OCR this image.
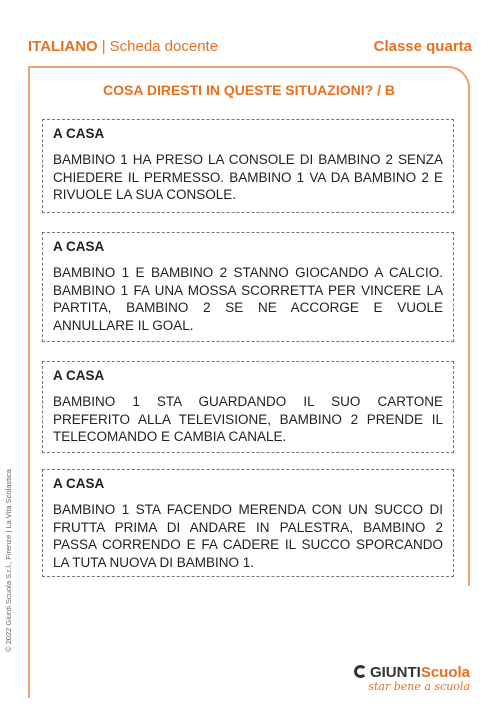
ITALIANO | Scheda docente	Classe quarta
COSA DIRESTI IN QUESTE SITUAZIONI? / B
A CASA
BAMBINO 1 HA PRESO LA CONSOLE DI BAMBINO 2 SENZA CHIEDERE IL PERMESSO. BAMBINO 1 VA DA BAMBINO 2 E RIVUOLE LA SUA CONSOLE.
A CASA
BAMBINO 1 E BAMBINO 2 STANNO GIOCANDO A CALCIO. BAMBINO 1 FA UNA MOSSA SCORRETTA PER VINCERE LA PARTITA, BAMBINO 2 SE NE ACCORGE E VUOLE ANNULLARE IL GOAL.
A CASA
BAMBINO 1 STA GUARDANDO IL SUO CARTONE PREFERITO ALLA TELEVISIONE, BAMBINO 2 PRENDE IL TELECOMANDO E CAMBIA CANALE.
A CASA
BAMBINO 1 STA FACENDO MERENDA CON UN SUCCO DI FRUTTA PRIMA DI ANDARE IN PALESTRA, BAMBINO 2 PASSA CORRENDO E FA CADERE IL SUCCO SPORCANDO LA TUTA NUOVA DI BAMBINO 1.
© 2022 Giunti Scuola S.r.l., Firenze | La Vita Scolastica
GIUNTIScuola
star bene a scuola
